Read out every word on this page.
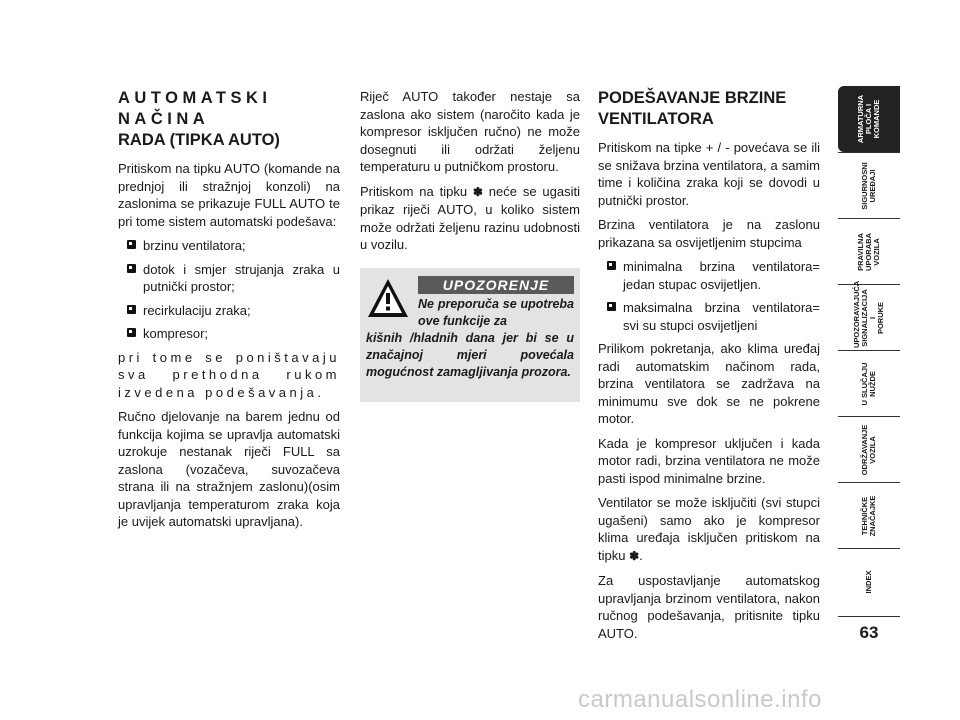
AUTOMATSKI NAČINA
RADA (TIPKA AUTO)

Pritiskom na tipku AUTO (komande na prednjoj ili stražnjoj konzoli) na zaslonima se prikazuje FULL AUTO te pri tome sistem automatski podešava:

brzinu ventilatora;
dotok i smjer strujanja zraka u putnički prostor;
recirkulaciju zraka;
kompresor;

pri tome se poništavaju sva prethodna rukom izvedena podešavanja.

Ručno djelovanje na barem jednu od funkcija kojima se upravlja automatski uzrokuje nestanak riječi FULL sa zaslona (vozačeva, suvozačeva strana ili na stražnjem zaslonu)(osim upravljanja temperaturom zraka koja je uvijek automatski upravljana).

Riječ AUTO također nestaje sa zaslona ako sistem (naročito kada je kompresor isključen ručno) ne može dosegnuti ili održati željenu temperaturu u putničkom prostoru.

Pritiskom na tipku ✽ neće se ugasiti prikaz riječi AUTO, u koliko sistem može održati željenu razinu udobnosti u vozilu.

UPOZORENJE
Ne preporuča se upotreba ove funkcije za
kišnih /hladnih dana jer bi se u značajnoj mjeri povećala mogućnost zamagljivanja prozora.
PODEŠAVANJE BRZINE
VENTILATORA

Pritiskom na tipke + / - povećava se ili se snižava brzina ventilatora, a samim time i količina zraka koji se dovodi u putnički prostor.

Brzina ventilatora je na zaslonu prikazana sa osvijetljenim stupcima

minimalna brzina ventilatora= jedan stupac osvijetljen.
maksimalna brzina ventilatora= svi su stupci osvijetljeni

Prilikom pokretanja, ako klima uređaj radi automatskim načinom rada, brzina ventilatora se zadržava na minimumu sve dok se ne pokrene motor.

Kada je kompresor uključen i kada motor radi, brzina ventilatora ne može pasti ispod minimalne brzine.

Ventilator se može isključiti (svi stupci ugašeni) samo ako je kompresor klima uređaja isključen pritiskom na tipku ✽.

Za uspostavljanje automatskog upravljanja brzinom ventilatora, nakon ručnog podešavanja, pritisnite tipku AUTO.

ARMATURNA
PLOČA I
KOMANDE
SIGURNOSNI
UREĐAJI
PRAVILNA
UPORABA
VOZILA
UPOZORAVAJUĆA
SIGNALIZACIJA I
PORUKE
U SLUČAJU
NUŽDE
ODRŽAVANJE
VOZILA
TEHNIČKE
ZNAČAJKE
INDEX
63
carmanualsonline.info
